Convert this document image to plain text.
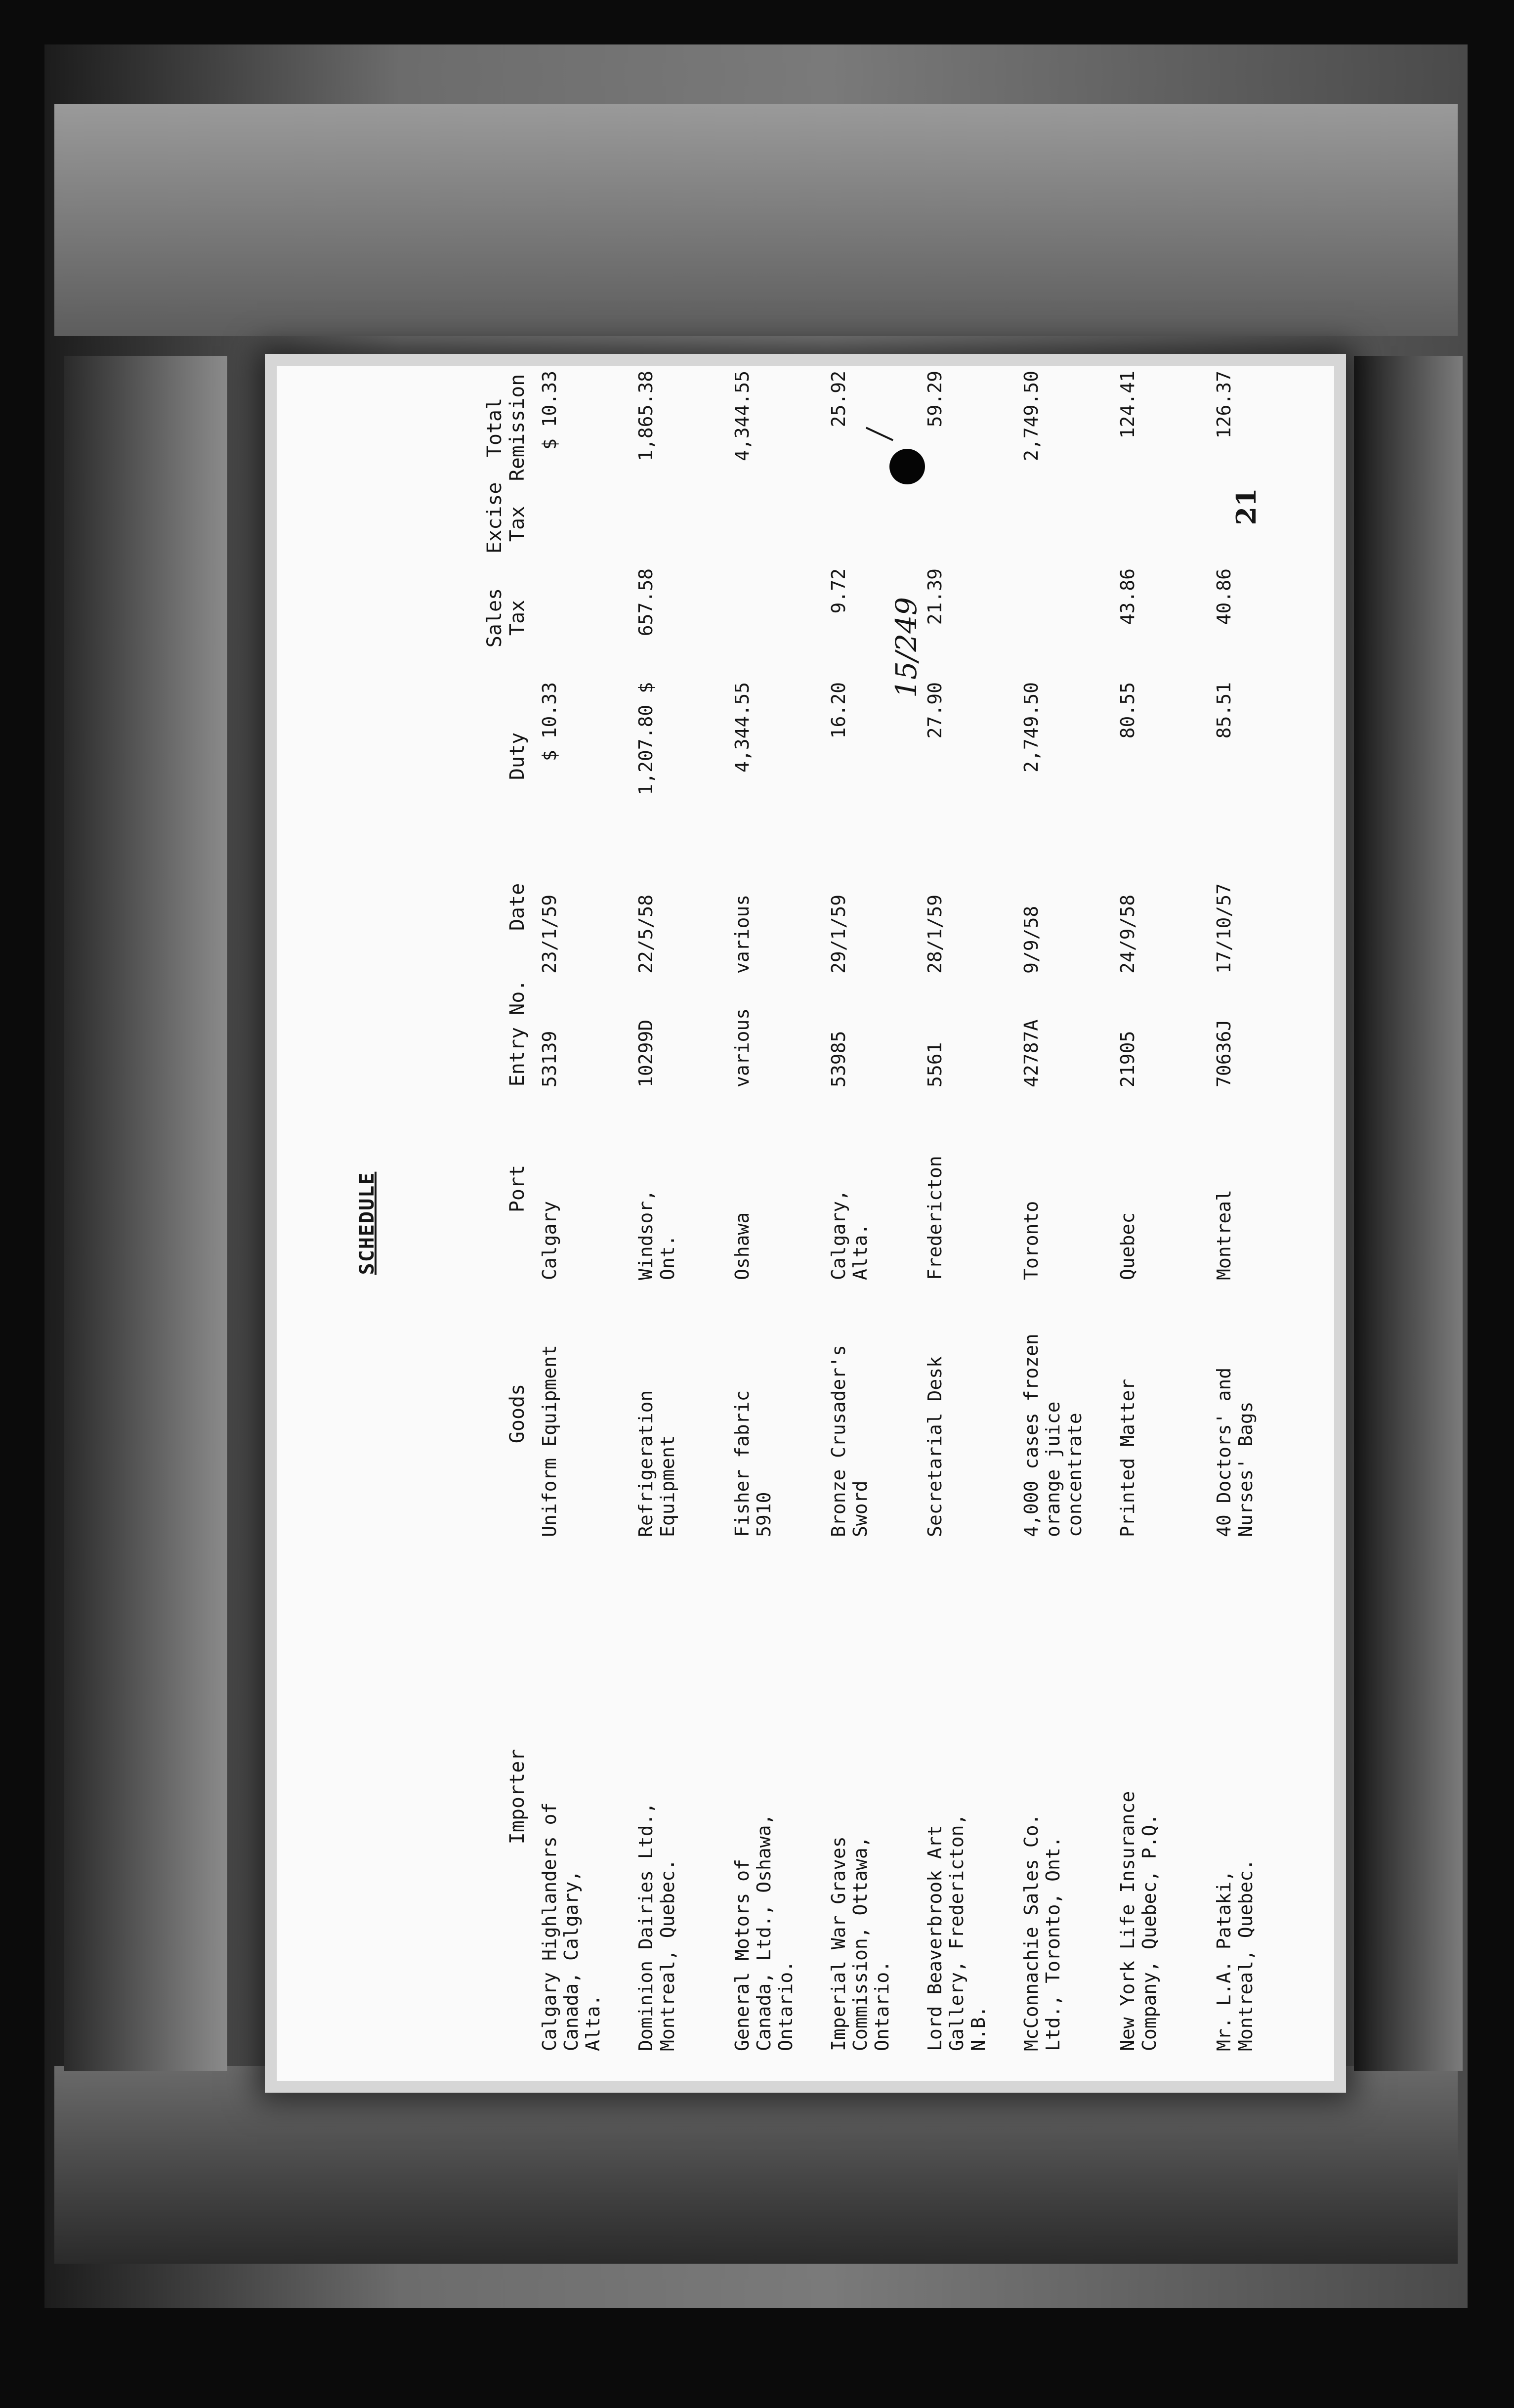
SCHEDULE
21
15/249
Importer
Goods
Port
Entry No.
Date
Duty
Sales
Tax
Excise
Tax
Total
Remission
Calgary Highlanders of
Canada, Calgary,
Alta.
Uniform Equipment
Calgary
53139
23/1/59
$ 10.33
$ 10.33
Dominion Dairies Ltd.,
Montreal, Quebec.
Refrigeration
Equipment
Windsor,
Ont.
10299D
22/5/58
1,207.80 $
657.58
1,865.38
General Motors of
Canada, Ltd., Oshawa,
Ontario.
Fisher fabric
5910
Oshawa
various
various
4,344.55
4,344.55
Imperial War Graves
Commission, Ottawa,
Ontario.
Bronze Crusader's
Sword
Calgary,
Alta.
53985
29/1/59
16.20
9.72
25.92
Lord Beaverbrook Art
Gallery, Fredericton,
N.B.
Secretarial Desk
Fredericton
5561
28/1/59
27.90
21.39
59.29
McConnachie Sales Co.
Ltd., Toronto, Ont.
4,000 cases frozen
orange juice
concentrate
Toronto
42787A
9/9/58
2,749.50
2,749.50
New York Life Insurance
Company, Quebec, P.Q.
Printed Matter
Quebec
21905
24/9/58
80.55
43.86
124.41
Mr. L.A. Pataki,
Montreal, Quebec.
40 Doctors' and
Nurses' Bags
Montreal
70636J
17/10/57
85.51
40.86
126.37
